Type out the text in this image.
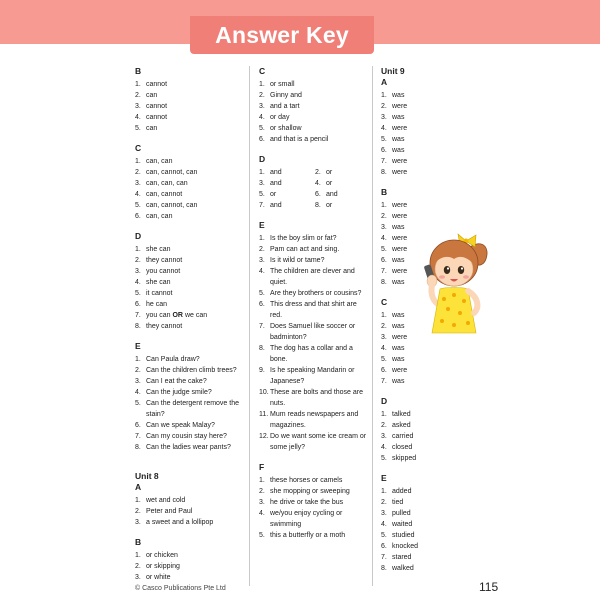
Answer Key
B
1. cannot
2. can
3. cannot
4. cannot
5. can
C
1. can, can
2. can, cannot, can
3. can, can, can
4. can, cannot
5. can, cannot, can
6. can, can
D
1. she can
2. they cannot
3. you cannot
4. she can
5. it cannot
6. he can
7. you can OR we can
8. they cannot
E
1. Can Paula draw?
2. Can the children climb trees?
3. Can I eat the cake?
4. Can the judge smile?
5. Can the detergent remove the stain?
6. Can we speak Malay?
7. Can my cousin stay here?
8. Can the ladies wear pants?
Unit 8
A
1. wet and cold
2. Peter and Paul
3. a sweet and a lollipop
B
1. or chicken
2. or skipping
3. or white
C
1. or small
2. Ginny and
3. and a tart
4. or day
5. or shallow
6. and that is a pencil
D
1. and	2. or
3. and	4. or
5. or	6. and
7. and	8. or
E
1. Is the boy slim or fat?
2. Pam can act and sing.
3. Is it wild or tame?
4. The children are clever and quiet.
5. Are they brothers or cousins?
6. This dress and that shirt are red.
7. Does Samuel like soccer or badminton?
8. The dog has a collar and a bone.
9. Is he speaking Mandarin or Japanese?
10. These are bolts and those are nuts.
11. Mum reads newspapers and magazines.
12. Do we want some ice cream or some jelly?
F
1. these horses or camels
2. she mopping or sweeping
3. he drive or take the bus
4. we/you enjoy cycling or swimming
5. this a butterfly or a moth
Unit 9
A
1. was
2. were
3. was
4. were
5. was
6. was
7. were
8. were
B
1. were
2. were
3. was
4. were
5. were
6. was
7. were
8. was
C
1. was
2. was
3. were
4. was
5. was
6. were
7. was
D
1. talked
2. asked
3. carried
4. closed
5. skipped
E
1. added
2. tied
3. pulled
4. waited
5. studied
6. knocked
7. stared
8. walked
© Casco Publications Pte Ltd	115
